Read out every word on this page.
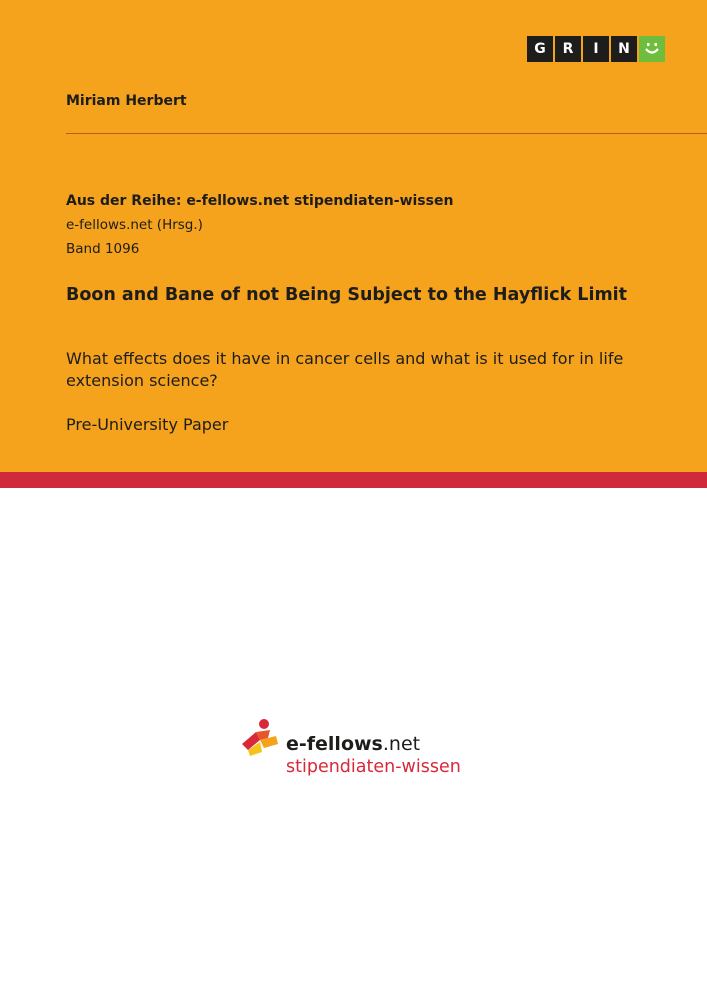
G	R	I	N
Miriam Herbert
Aus der Reihe: e-fellows.net stipendiaten-wissen
e-fellows.net (Hrsg.)
Band 1096
Boon and Bane of not Being Subject to the Hayflick Limit
What effects does it have in cancer cells and what is it used for in life extension science?
Pre-University Paper
e-fellows.net
stipendiaten-wissen
